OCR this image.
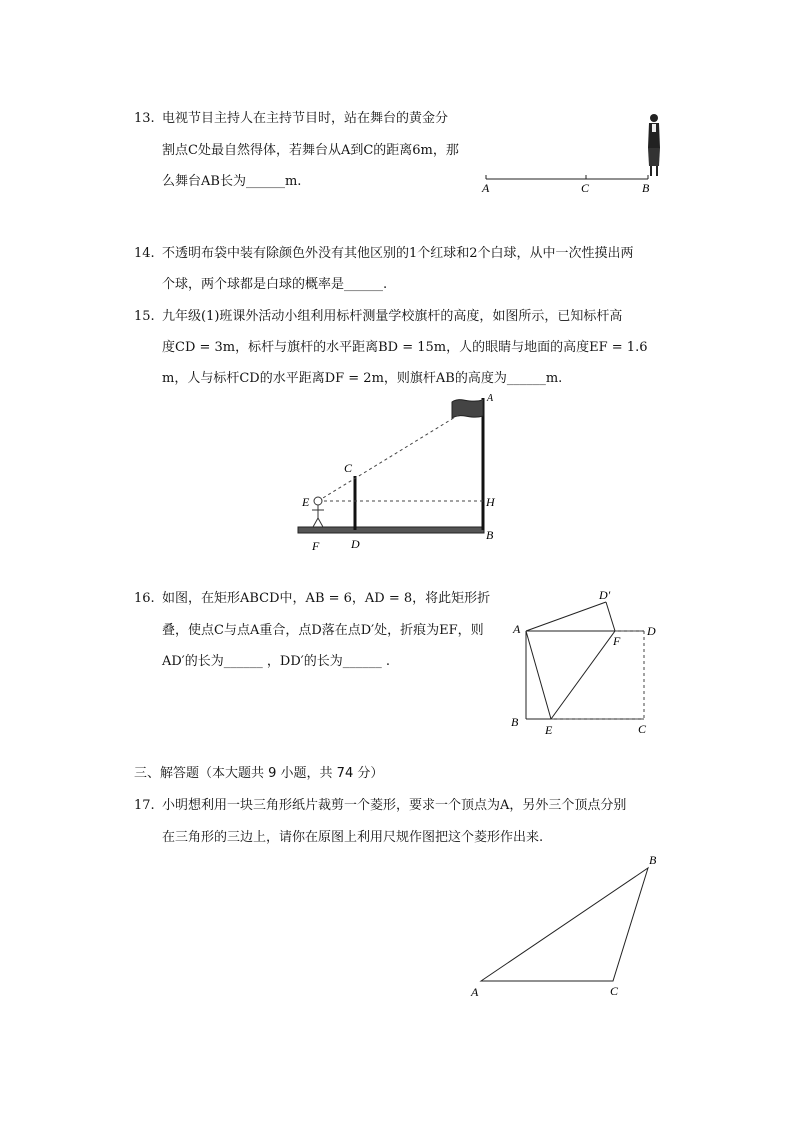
13. 电视节目主持人在主持节目时，站在舞台的黄金分
割点C处最自然得体，若舞台从A到C的距离6m，那
么舞台AB长为______m.	A	C	B
14. 不透明布袋中装有除颜色外没有其他区别的1个红球和2个白球，从中一次性摸出两
个球，两个球都是白球的概率是______.
15. 九年级(1)班课外活动小组利用标杆测量学校旗杆的高度，如图所示，已知标杆高
度CD = 3m，标杆与旗杆的水平距离BD = 15m，人的眼睛与地面的高度EF = 1.6
m，人与标杆CD的水平距离DF = 2m，则旗杆AB的高度为______m.
A
C
E	H
F	D
B
16. 如图，在矩形ABCD中，AB = 6，AD = 8，将此矩形折
叠，使点C与点A重合，点D落在点D′处，折痕为EF，则
AD′的长为______ ，DD′的长为______ .
D′
A
F
D
B
E	C
三、解答题（本大题共 9 小题，共 74 分）
17. 小明想利用一块三角形纸片裁剪一个菱形，要求一个顶点为A，另外三个顶点分别
在三角形的三边上，请你在原图上利用尺规作图把这个菱形作出来.
A
B
C
